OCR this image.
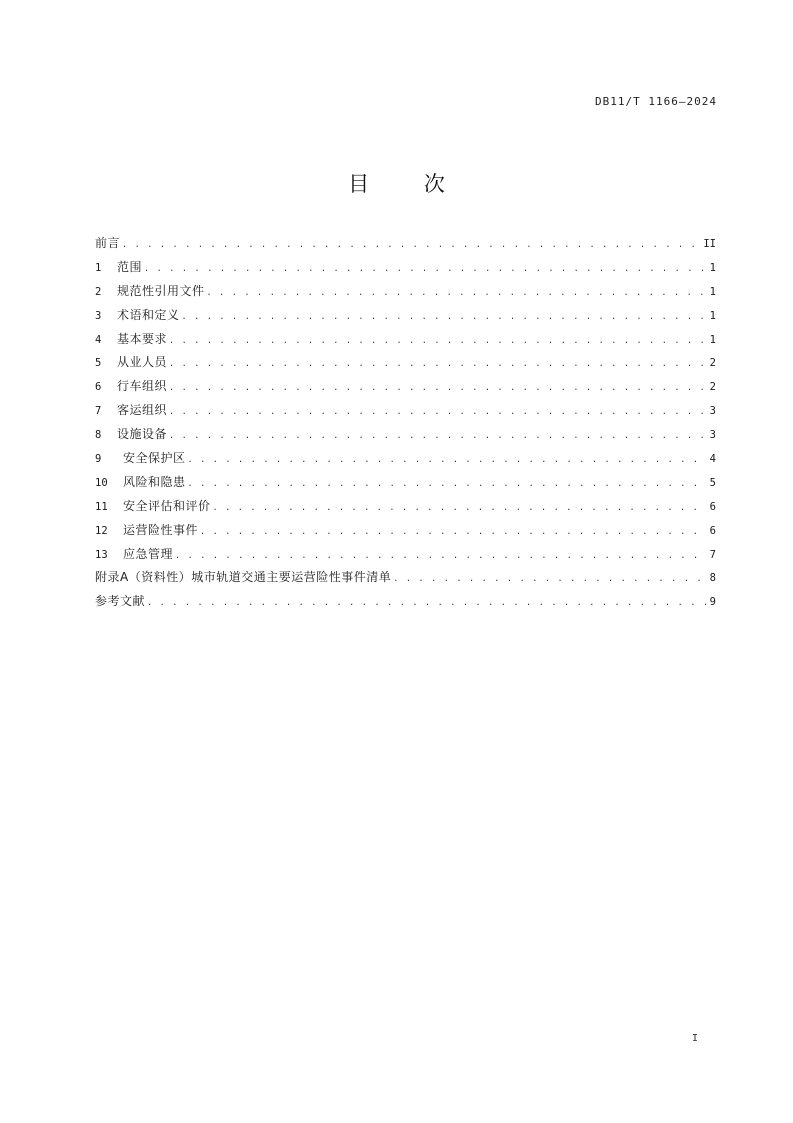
DB11/T 1166—2024
目 次
前言 . . .	II
1	范围 . . .	1
2	规范性引用文件 . . .	1
3	术语和定义 . . .	1
4	基本要求 . . .	1
5	从业人员 . . .	2
6	行车组织 . . .	2
7	客运组织 . . .	3
8	设施设备 . . .	3
9	安全保护区 . . .	4
10	风险和隐患 . . .	5
11	安全评估和评价 . . .	6
12	运营险性事件 . . .	6
13	应急管理 . . .	7
附录A（资料性）城市轨道交通主要运营险性事件清单 . . .	8
参考文献 . . .	9
I
